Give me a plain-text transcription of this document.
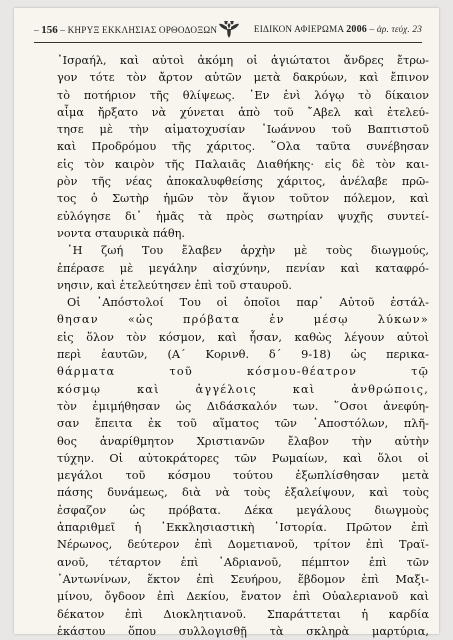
– 156 – ΚΗΡΥΞ ΕΚΚΛΗΣΙΑΣ ΟΡΘΟΔΟΞΩΝ	ΕΙΔΙΚΟΝ ΑΦΙΕΡΩΜΑ 2006 – ἀρ. τεύχ. 23
᾿Ισραήλ, καὶ αὐτοὶ ἀκόμη οἱ ἁγιώτατοι ἄνδρες ἔτρω-
γον τότε τὸν ἄρτον αὐτῶν μετὰ δακρύων, καὶ ἔπινον
τὸ ποτήριον τῆς θλίψεως. ᾿Εν ἑνὶ λόγῳ τὸ δίκαιον
αἷμα ἤρξατο νὰ χύνεται ἀπὸ τοῦ ῎Αβελ καὶ ἐτελεύ-
τησε μὲ τὴν αἱματοχυσίαν ᾿Ιωάννου τοῦ Βαπτιστοῦ
καὶ Προδρόμου τῆς χάριτος. ῞Ολα ταῦτα συνέβησαν
εἰς τὸν καιρὸν τῆς Παλαιᾶς Διαθήκης· εἰς δὲ τὸν και-
ρὸν τῆς νέας ἀποκαλυφθείσης χάριτος, ἀνέλαβε πρῶ-
τος ὁ Σωτὴρ ἡμῶν τὸν ἅγιον τοῦτον πόλεμον, καὶ
εὐλόγησε δι᾿ ἡμᾶς τὰ πρὸς σωτηρίαν ψυχῆς συντεί-
νοντα σταυρικὰ πάθη.
῾Η ζωή Του ἔλαβεν ἀρχὴν μὲ τοὺς διωγμούς,
ἐπέρασε μὲ μεγάλην αἰσχύνην, πενίαν καὶ καταφρό-
νησιν, καὶ ἐτελεύτησεν ἐπὶ τοῦ σταυροῦ.
Οἱ ᾿Απόστολοί Του οἱ ὁποῖοι παρ᾿ Αὐτοῦ ἐστάλ-
θησαν «ὡς πρόβατα ἐν μέσῳ λύκων»
εἰς ὅλον τὸν κόσμον, καὶ ἦσαν, καθὼς λέγουν αὐτοὶ
περὶ ἑαυτῶν, (Α΄ Κορινθ. δ΄ 9-18) ὡς περικα-
θάρματα τοῦ κόσμου-θέατρον τῷ
κόσμῳ καὶ ἀγγέλοις καὶ ἀνθρώποις,
τὸν ἐμιμήθησαν ὡς Διδάσκαλόν των. ῞Οσοι ἀνεφύη-
σαν ἔπειτα ἐκ τοῦ αἵματος τῶν ᾿Αποστόλων, πλῆ-
θος ἀναρίθμητον Χριστιανῶν ἔλαβον τὴν αὐτὴν
τύχην. Οἱ αὐτοκράτορες τῶν Ρωμαίων, καὶ ὅλοι οἱ
μεγάλοι τοῦ κόσμου τούτου ἐξωπλίσθησαν μετὰ
πάσης δυνάμεως, διὰ νὰ τοὺς ἐξαλείψουν, καὶ τοὺς
ἐσφαζον ὡς πρόβατα. Δέκα μεγάλους διωγμοὺς
ἀπαριθμεῖ ἡ ᾿Εκκλησιαστικὴ ῾Ιστορία. Πρῶτον ἐπὶ
Νέρωνος, δεύτερον ἐπὶ Δομετιανοῦ, τρίτον ἐπὶ Τραϊ-
ανοῦ, τέταρτον ἐπὶ ᾿Αδριανοῦ, πέμπτον ἐπὶ τῶν
᾿Αντωνίνων, ἕκτον ἐπὶ Σευήρου, ἕβδομον ἐπὶ Μαξι-
μίνου, ὄγδοον ἐπὶ Δεκίου, ἔνατον ἐπὶ Οὐαλεριανοῦ καὶ
δέκατον ἐπὶ Διοκλητιανοῦ. Σπαράττεται ἡ καρδία
ἑκάστου ὅπου συλλογισθῇ τὰ σκληρὰ μαρτύρια,
